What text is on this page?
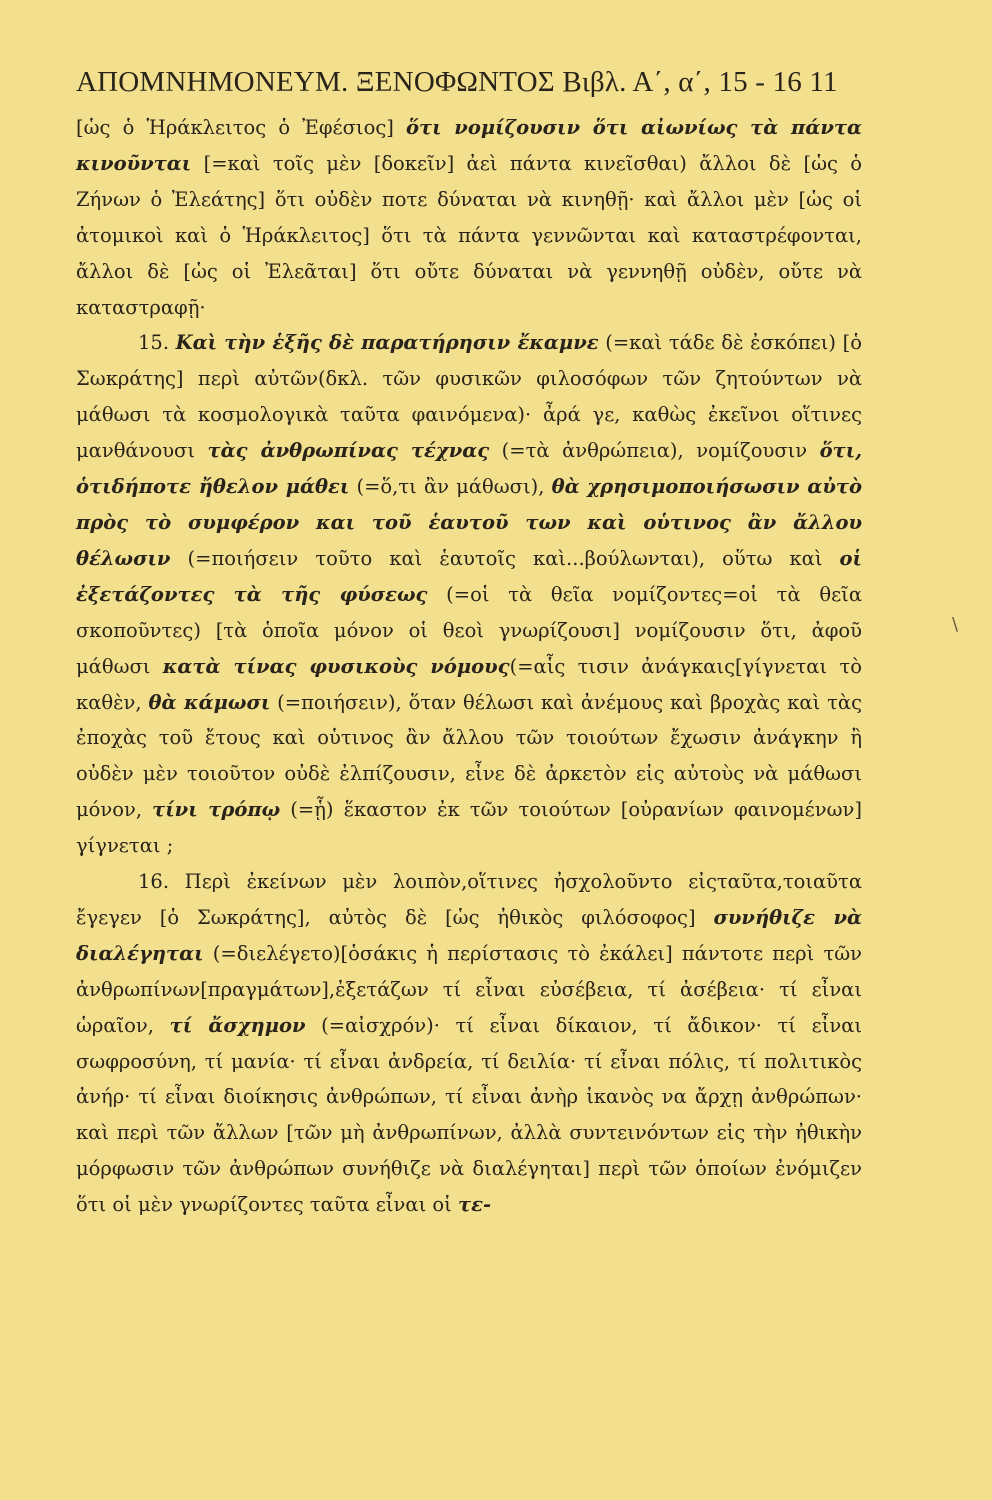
ΑΠΟΜΝΗΜΟΝΕΥΜ. ΞΕΝΟΦΩΝΤΟΣ Βιβλ. Α΄, α΄, 15 - 16 11

[ὡς ὁ Ἡράκλειτος ὁ Ἐφέσιος] ὅτι νομίζουσιν ὅτι αἰωνίως τὰ πάντα κινοῦνται [=καὶ τοῖς μὲν [δοκεῖν] ἀεὶ πάντα κινεῖσθαι) ἄλλοι δὲ [ὡς ὁ Ζήνων ὁ Ἐλεάτης] ὅτι οὐδὲν ποτε δύναται νὰ κινηθῇ· καὶ ἄλλοι μὲν [ὡς οἱ ἀτομικοὶ καὶ ὁ Ἡράκλειτος] ὅτι τὰ πάντα γεννῶνται καὶ καταστρέφονται, ἄλλοι δὲ [ὡς οἱ Ἐλεᾶται] ὅτι οὔτε δύναται νὰ γεννηθῇ οὐδὲν, οὔτε νὰ καταστραφῇ·

15. Καὶ τὴν ἑξῆς δὲ παρατήρησιν ἔκαμνε (=καὶ τάδε δὲ ἐσκόπει) [ὁ Σωκράτης] περὶ αὐτῶν(δκλ. τῶν φυσικῶν φιλοσόφων τῶν ζητούντων νὰ μάθωσι τὰ κοσμολογικὰ ταῦτα φαινόμενα)· ἆρά γε, καθὼς ἐκεῖνοι οἵτινες μανθάνουσι τὰς ἀνθρωπίνας τέχνας (=τὰ ἀνθρώπεια), νομίζουσιν ὅτι, ὁτιδήποτε ἤθελον μάθει (=ὅ,τι ἂν μάθωσι), θὰ χρησιμοποιήσωσιν αὐτὸ πρὸς τὸ συμφέρον και τοῦ ἑαυτοῦ των καὶ οὑτινος ἂν ἄλλου θέλωσιν (=ποιήσειν τοῦτο καὶ ἑαυτοῖς καὶ...βούλωνται), οὕτω καὶ οἱ ἐξετάζοντες τὰ τῆς φύσεως (=οἱ τὰ θεῖα νομίζοντες=οἱ τὰ θεῖα σκοποῦντες) [τὰ ὁποῖα μόνον οἱ θεοὶ γνωρίζουσι] νομίζουσιν ὅτι, ἀφοῦ μάθωσι κατὰ τίνας φυσικοὺς νόμους(=αἷς τισιν ἀνάγκαις[γίγνεται τὸ καθὲν, θὰ κάμωσι (=ποιήσειν), ὅταν θέλωσι καὶ ἀνέμους καὶ βροχὰς καὶ τὰς ἐποχὰς τοῦ ἔτους καὶ οὑτινος ἂν ἄλλου τῶν τοιούτων ἔχωσιν ἀνάγκην ἢ οὐδὲν μὲν τοιοῦτον οὐδὲ ἐλπίζουσιν, εἶνε δὲ ἀρκετὸν εἰς αὐτοὺς νὰ μάθωσι μόνον, τίνι τρόπῳ (=ᾗ) ἕκαστον ἐκ τῶν τοιούτων [οὐρανίων φαινομένων] γίγνεται ;

16. Περὶ ἐκείνων μὲν λοιπὸν,οἵτινες ἠσχολοῦντο εἰςταῦτα,τοιαῦτα ἔγεγεν [ὁ Σωκράτης], αὐτὸς δὲ [ὡς ἠθικὸς φιλόσοφος] συνήθιζε νὰ διαλέγηται (=διελέγετο)[ὁσάκις ἡ περίστασις τὸ ἐκάλει] πάντοτε περὶ τῶν ἀνθρωπίνων[πραγμάτων],ἐξετάζων τί εἶναι εὐσέβεια, τί ἀσέβεια· τί εἶναι ὡραῖον, τί ἄσχημον (=αἰσχρόν)· τί εἶναι δίκαιον, τί ἄδικον· τί εἶναι σωφροσύνη, τί μανία· τί εἶναι ἀνδρεία, τί δειλία· τί εἶναι πόλις, τί πολιτικὸς ἀνήρ· τί εἶναι διοίκησις ἀνθρώπων, τί εἶναι ἀνὴρ ἱκανὸς να ἄρχῃ ἀνθρώπων· καὶ περὶ τῶν ἄλλων [τῶν μὴ ἀνθρωπίνων, ἀλλὰ συντεινόντων εἰς τὴν ἠθικὴν μόρφωσιν τῶν ἀνθρώπων συνήθιζε νὰ διαλέγηται] περὶ τῶν ὁποίων ἐνόμιζεν ὅτι οἱ μὲν γνωρίζοντες ταῦτα εἶναι οἱ τε-

\
